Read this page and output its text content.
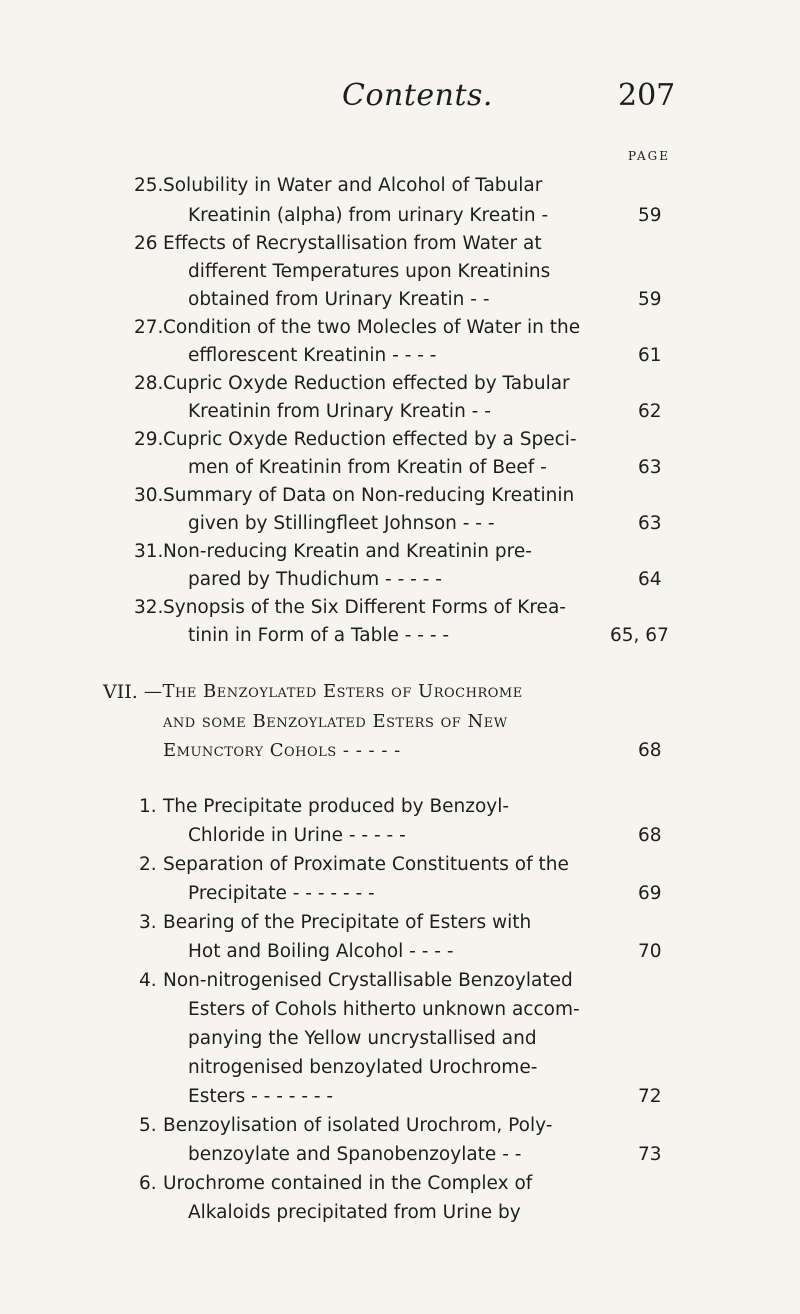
Contents.	207
PAGE
25. Solubility in Water and Alcohol of Tabular
Kreatinin (alpha) from urinary Kreatin -	59
26 Effects of Recrystallisation from Water at
different Temperatures upon Kreatinins
obtained from Urinary Kreatin - -	59
27. Condition of the two Molecles of Water in the
efflorescent Kreatinin - - - -	61
28. Cupric Oxyde Reduction effected by Tabular
Kreatinin from Urinary Kreatin - -	62
29. Cupric Oxyde Reduction effected by a Speci-
men of Kreatinin from Kreatin of Beef -	63
30. Summary of Data on Non-reducing Kreatinin
given by Stillingfleet Johnson - - -	63
31. Non-reducing Kreatin and Kreatinin pre-
pared by Thudichum - - - - -	64
32. Synopsis of the Six Different Forms of Krea-
tinin in Form of a Table - - - -	65, 67
VII. —The Benzoylated Esters of Urochrome
and some Benzoylated Esters of New
Emunctory Cohols - - - - -	68
1. The Precipitate produced by Benzoyl-
Chloride in Urine - - - - -	68
2. Separation of Proximate Constituents of the
Precipitate - - - - - - -	69
3. Bearing of the Precipitate of Esters with
Hot and Boiling Alcohol - - - -	70
4. Non-nitrogenised Crystallisable Benzoylated
Esters of Cohols hitherto unknown accom-
panying the Yellow uncrystallised and
nitrogenised benzoylated Urochrome-
Esters - - - - - - -	72
5. Benzoylisation of isolated Urochrom, Poly-
benzoylate and Spanobenzoylate - -	73
6. Urochrome contained in the Complex of
Alkaloids precipitated from Urine by
